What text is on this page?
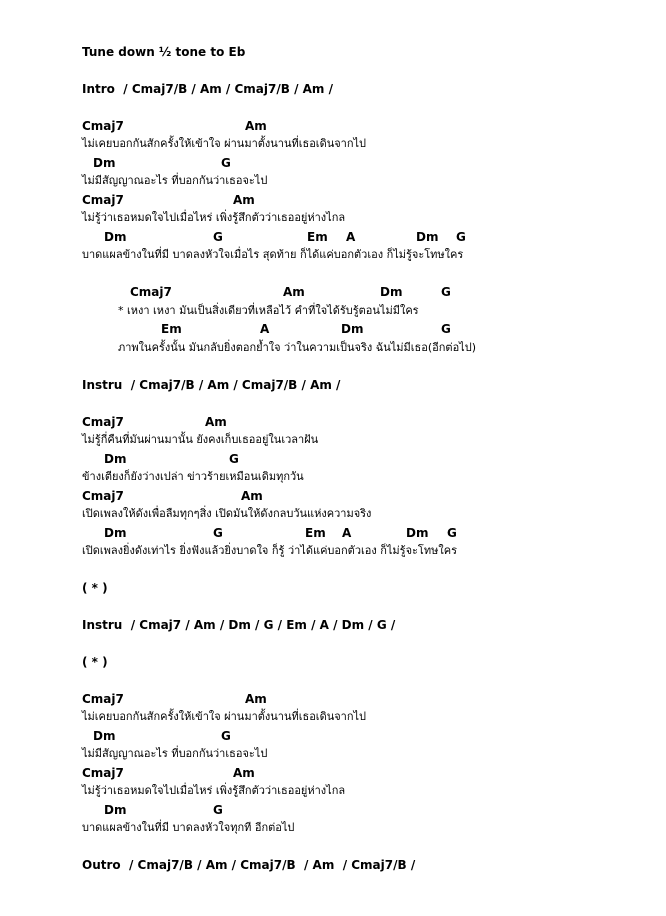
Tune down ½ tone to Eb
Intro  / Cmaj7/B / Am / Cmaj7/B / Am /
Cmaj7	Am
ไม่เคยบอกกันสักครั้งให้เข้าใจ ผ่านมาตั้งนานที่เธอเดินจากไป
Dm	G
ไม่มีสัญญาณอะไร ที่บอกกันว่าเธอจะไป
Cmaj7	Am
ไม่รู้ว่าเธอหมดใจไปเมื่อไหร่ เพิ่งรู้สึกตัวว่าเธออยู่ห่างไกล
Dm	G	Em A	Dm G
บาดแผลข้างในที่มี บาดลงหัวใจเมื่อไร สุดท้าย ก็ได้แค่บอกตัวเอง ก็ไม่รู้จะโทษใคร
Cmaj7	Am	Dm	G
* เหงา เหงา มันเป็นสิ่งเดียวที่เหลือไว้ คำที่ใจได้รับรู้ตอนไม่มีใคร
Em	A	Dm	G
ภาพในครั้งนั้น มันกลับยิ่งตอกย้ำใจ ว่าในความเป็นจริง ฉันไม่มีเธอ(อีกต่อไป)
Instru  / Cmaj7/B / Am / Cmaj7/B / Am /
Cmaj7	Am
ไม่รู้กี่คืนที่มันผ่านมานั้น ยังคงเก็บเธออยู่ในเวลาฝัน
Dm	G
ข้างเตียงก็ยังว่างเปล่า ข่าวร้ายเหมือนเดิมทุกวัน
Cmaj7	Am
เปิดเพลงให้ดังเพื่อลืมทุกๆสิ่ง เปิดมันให้ดังกลบวันแห่งความจริง
Dm	G	Em A	Dm G
เปิดเพลงยิ่งดังเท่าไร ยิ่งฟังแล้วยิ่งบาดใจ ก็รู้ ว่าได้แค่บอกตัวเอง ก็ไม่รู้จะโทษใคร
( * )
Instru  / Cmaj7 / Am / Dm / G / Em / A / Dm / G /
( * )
Cmaj7	Am
ไม่เคยบอกกันสักครั้งให้เข้าใจ ผ่านมาตั้งนานที่เธอเดินจากไป
Dm	G
ไม่มีสัญญาณอะไร ที่บอกกันว่าเธอจะไป
Cmaj7	Am
ไม่รู้ว่าเธอหมดใจไปเมื่อไหร่ เพิ่งรู้สึกตัวว่าเธออยู่ห่างไกล
Dm	G
บาดแผลข้างในที่มี บาดลงหัวใจทุกที อีกต่อไป
Outro  / Cmaj7/B / Am / Cmaj7/B  / Am  / Cmaj7/B /
